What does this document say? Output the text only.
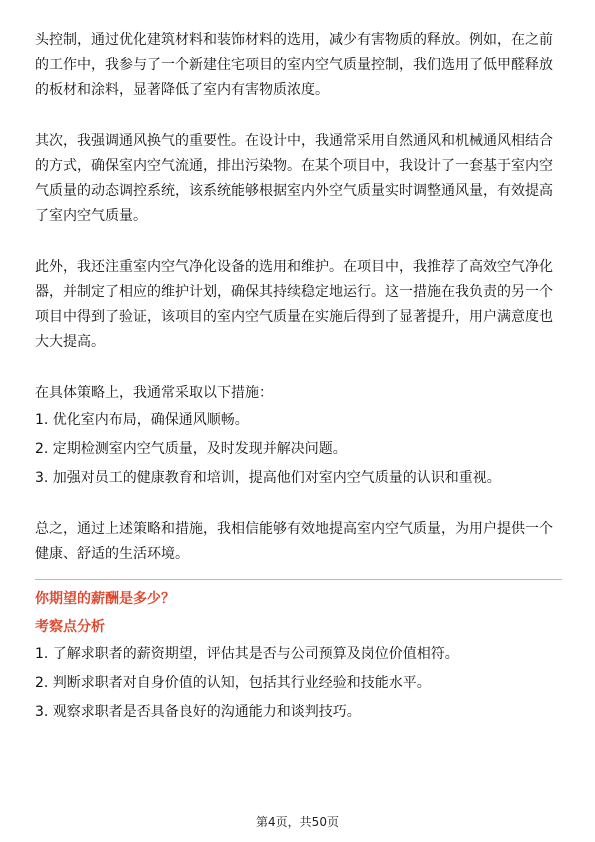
头控制，通过优化建筑材料和装饰材料的选用，减少有害物质的释放。例如，在之前的工作中，我参与了一个新建住宅项目的室内空气质量控制，我们选用了低甲醛释放的板材和涂料，显著降低了室内有害物质浓度。

其次，我强调通风换气的重要性。在设计中，我通常采用自然通风和机械通风相结合的方式，确保室内空气流通，排出污染物。在某个项目中，我设计了一套基于室内空气质量的动态调控系统，该系统能够根据室内外空气质量实时调整通风量，有效提高了室内空气质量。

此外，我还注重室内空气净化设备的选用和维护。在项目中，我推荐了高效空气净化器，并制定了相应的维护计划，确保其持续稳定地运行。这一措施在我负责的另一个项目中得到了验证，该项目的室内空气质量在实施后得到了显著提升，用户满意度也大大提高。

在具体策略上，我通常采取以下措施：

1. 优化室内布局，确保通风顺畅。

2. 定期检测室内空气质量，及时发现并解决问题。

3. 加强对员工的健康教育和培训，提高他们对室内空气质量的认识和重视。

总之，通过上述策略和措施，我相信能够有效地提高室内空气质量，为用户提供一个健康、舒适的生活环境。

你期望的薪酬是多少？

考察点分析

1. 了解求职者的薪资期望，评估其是否与公司预算及岗位价值相符。

2. 判断求职者对自身价值的认知，包括其行业经验和技能水平。

3. 观察求职者是否具备良好的沟通能力和谈判技巧。

第4页，共50页
